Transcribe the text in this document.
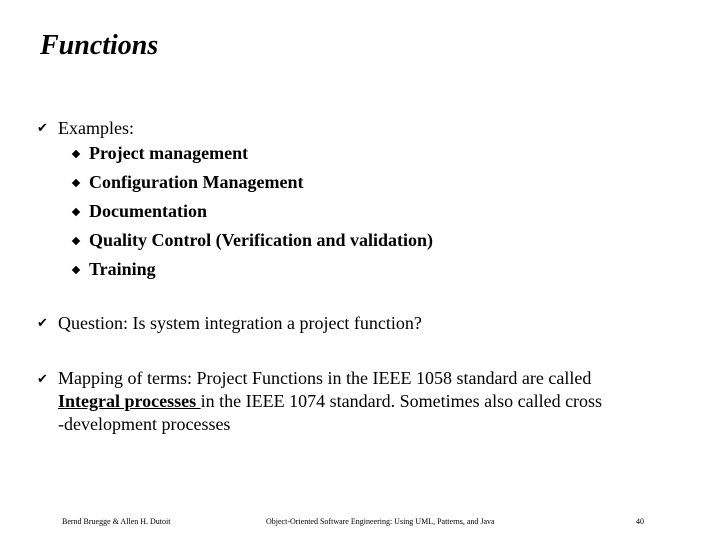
Functions
✔︎ Examples:
Project management
Configuration Management
Documentation
Quality Control (Verification and validation)
Training
✔︎ Question: Is system integration a project function?
✔︎ Mapping of terms: Project Functions in the IEEE 1058 standard are called
Integral processes in the IEEE 1074 standard. Sometimes also called cross
-development processes
Bernd Bruegge & Allen H. Dutoit	Object-Oriented Software Engineering: Using UML, Patterns, and Java	40
